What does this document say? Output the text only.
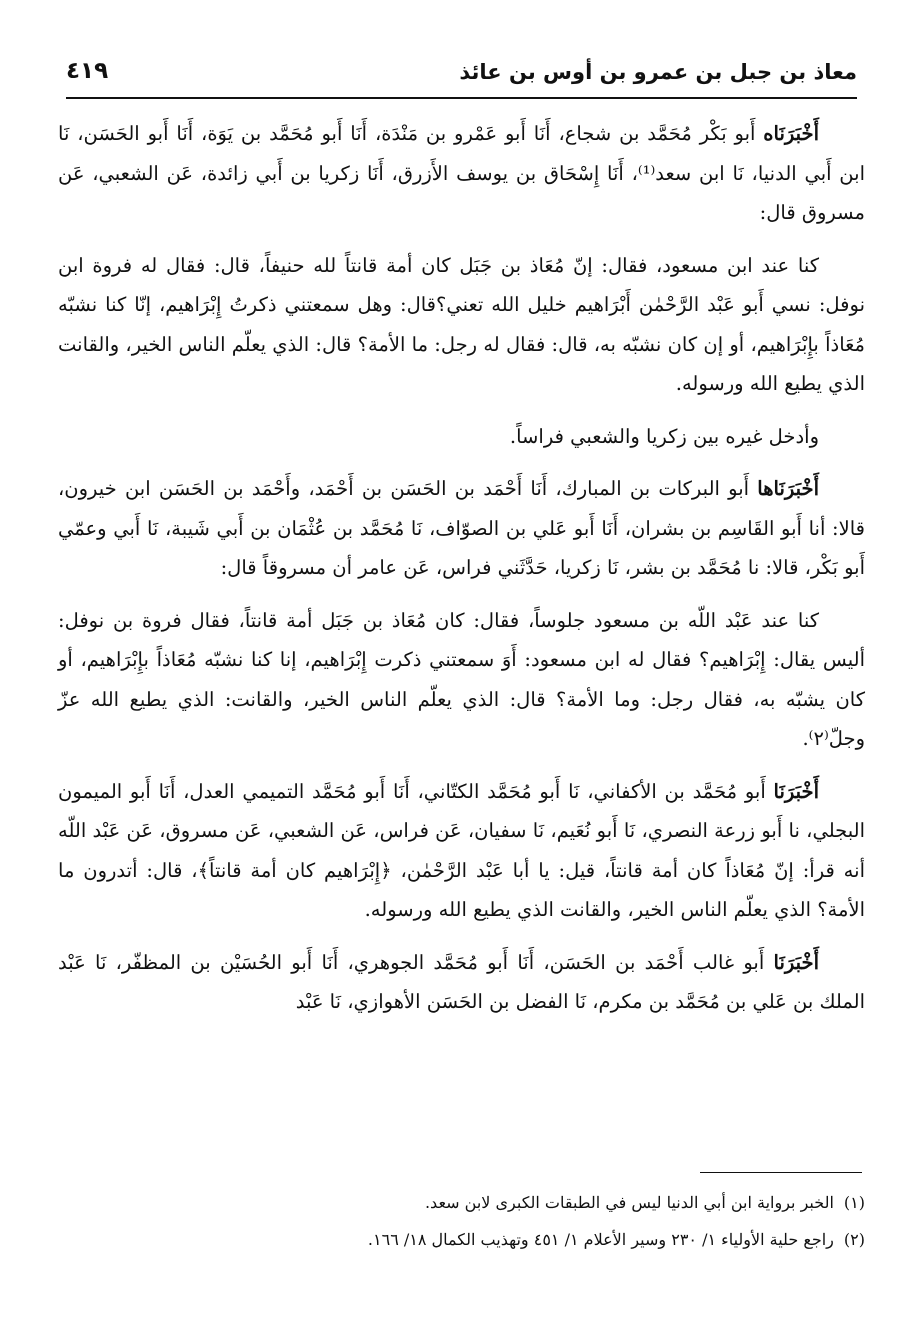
معاذ بن جبل بن عمرو بن أوس بن عائذ
٤١٩

أَخْبَرَنَاه أَبو بَكْر مُحَمَّد بن شجاع، أَنَا أَبو عَمْرو بن مَنْدَة، أَنَا أَبو مُحَمَّد بن يَوَة، أَنَا أَبو الحَسَن، نَا ابن أَبي الدنيا، نَا ابن سعد⁽¹⁾، أَنَا إِسْحَاق بن يوسف الأَزرق، أَنَا زكريا بن أَبي زائدة، عَن الشعبي، عَن مسروق قال:

كنا عند ابن مسعود، فقال: إنّ مُعَاذ بن جَبَل كان أمة قانتاً لله حنيفاً، قال: فقال له فروة ابن نوفل: نسي أَبو عَبْد الرَّحْمٰن أَبْرَاهيم خليل الله تعني؟قال: وهل سمعتني ذكرتُ إِبْرَاهيم، إنّا كنا نشبّه مُعَاذاً بإِبْرَاهيم، أو إن كان نشبّه به، قال: فقال له رجل: ما الأمة؟ قال: الذي يعلّم الناس الخير، والقانت الذي يطيع الله ورسوله.

وأدخل غيره بين زكريا والشعبي فراساً.

أَخْبَرَنَاها أَبو البركات بن المبارك، أَنَا أَحْمَد بن الحَسَن بن أَحْمَد، وأَحْمَد بن الحَسَن ابن خيرون، قالا: أنا أَبو القَاسِم بن بشران، أَنَا أَبو عَلي بن الصوّاف، نَا مُحَمَّد بن عُثْمَان بن أَبي شَيبة، نَا أَبي وعمّي أَبو بَكْر، قالا: نا مُحَمَّد بن بشر، نَا زكريا، حَدَّثَني فراس، عَن عامر أن مسروقاً قال:

كنا عند عَبْد اللّه بن مسعود جلوساً، فقال: كان مُعَاذ بن جَبَل أمة قانتاً، فقال فروة بن نوفل: أليس يقال: إِبْرَاهيم؟ فقال له ابن مسعود: أَوَ سمعتني ذكرت إِبْرَاهيم، إنا كنا نشبّه مُعَاذاً بإِبْرَاهيم، أو كان يشبّه به، فقال رجل: وما الأمة؟ قال: الذي يعلّم الناس الخير، والقانت: الذي يطيع الله عزّ وجلّ⁽٢⁾.

أَخْبَرَنَا أَبو مُحَمَّد بن الأكفاني، نَا أَبو مُحَمَّد الكتّاني، أَنَا أَبو مُحَمَّد التميمي العدل، أَنَا أَبو الميمون البجلي، نا أَبو زرعة النصري، نَا أَبو نُعَيم، نَا سفيان، عَن فراس، عَن الشعبي، عَن مسروق، عَن عَبْد اللّه أنه قرأ: إنّ مُعَاذاً كان أمة قانتاً، قيل: يا أبا عَبْد الرَّحْمٰن، ﴿إِبْرَاهيم كان أمة قانتاً﴾، قال: أتدرون ما الأمة؟ الذي يعلّم الناس الخير، والقانت الذي يطيع الله ورسوله.

أَخْبَرَنَا أَبو غالب أَحْمَد بن الحَسَن، أَنَا أَبو مُحَمَّد الجوهري، أَنَا أَبو الحُسَيْن بن المظفّر، نَا عَبْد الملك بن عَلي بن مُحَمَّد بن مكرم، نَا الفضل بن الحَسَن الأهوازي، نَا عَبْد

(١)الخبر برواية ابن أبي الدنيا ليس في الطبقات الكبرى لابن سعد.
(٢)راجع حلية الأولياء ١/ ٢٣٠ وسير الأعلام ١/ ٤٥١ وتهذيب الكمال ١٨/ ١٦٦.
